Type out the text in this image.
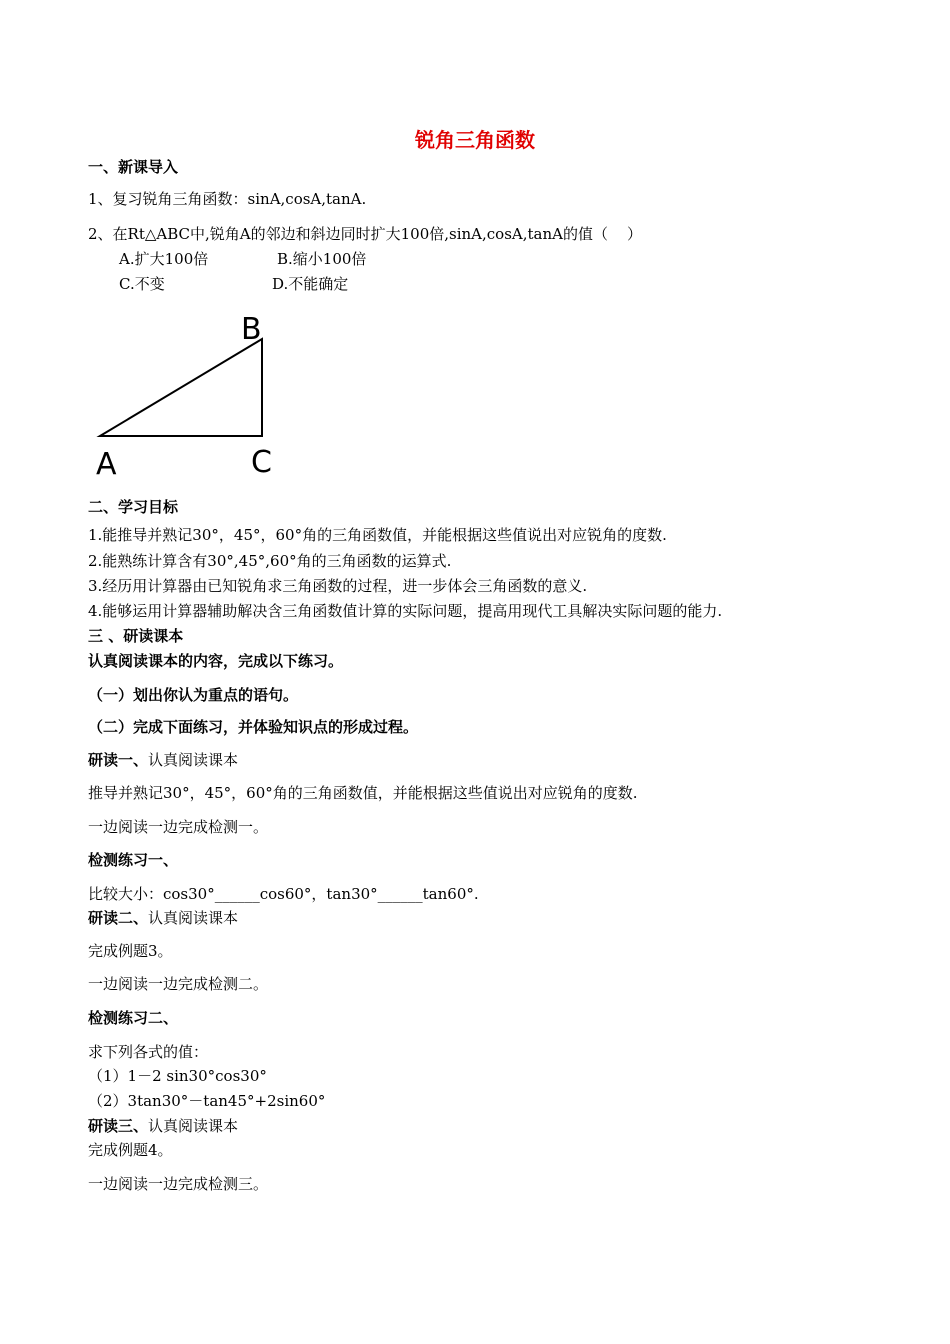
锐角三角函数
一、新课导入
1、复习锐角三角函数：sinA,cosA,tanA.
2、在Rt△ABC中,锐角A的邻边和斜边同时扩大100倍,sinA,cosA,tanA的值（    ）
A.扩大100倍	B.缩小100倍
C.不变	D.不能确定
B
A	C
二、学习目标
1.能推导并熟记30°，45°，60°角的三角函数值，并能根据这些值说出对应锐角的度数.
2.能熟练计算含有30°,45°,60°角的三角函数的运算式.
3.经历用计算器由已知锐角求三角函数的过程，进一步体会三角函数的意义.
4.能够运用计算器辅助解决含三角函数值计算的实际问题，提高用现代工具解决实际问题的能力.
三 、研读课本
认真阅读课本的内容，完成以下练习。
（一）划出你认为重点的语句。
（二）完成下面练习，并体验知识点的形成过程。
研读一、认真阅读课本
推导并熟记30°，45°，60°角的三角函数值，并能根据这些值说出对应锐角的度数.
一边阅读一边完成检测一。
检测练习一、
比较大小：cos30°______cos60°，tan30°______tan60°.
研读二、认真阅读课本
完成例题3。
一边阅读一边完成检测二。
检测练习二、
求下列各式的值：
（1）1－2 sin30°cos30°
（2）3tan30°－tan45°+2sin60°
研读三、认真阅读课本
完成例题4。
一边阅读一边完成检测三。
